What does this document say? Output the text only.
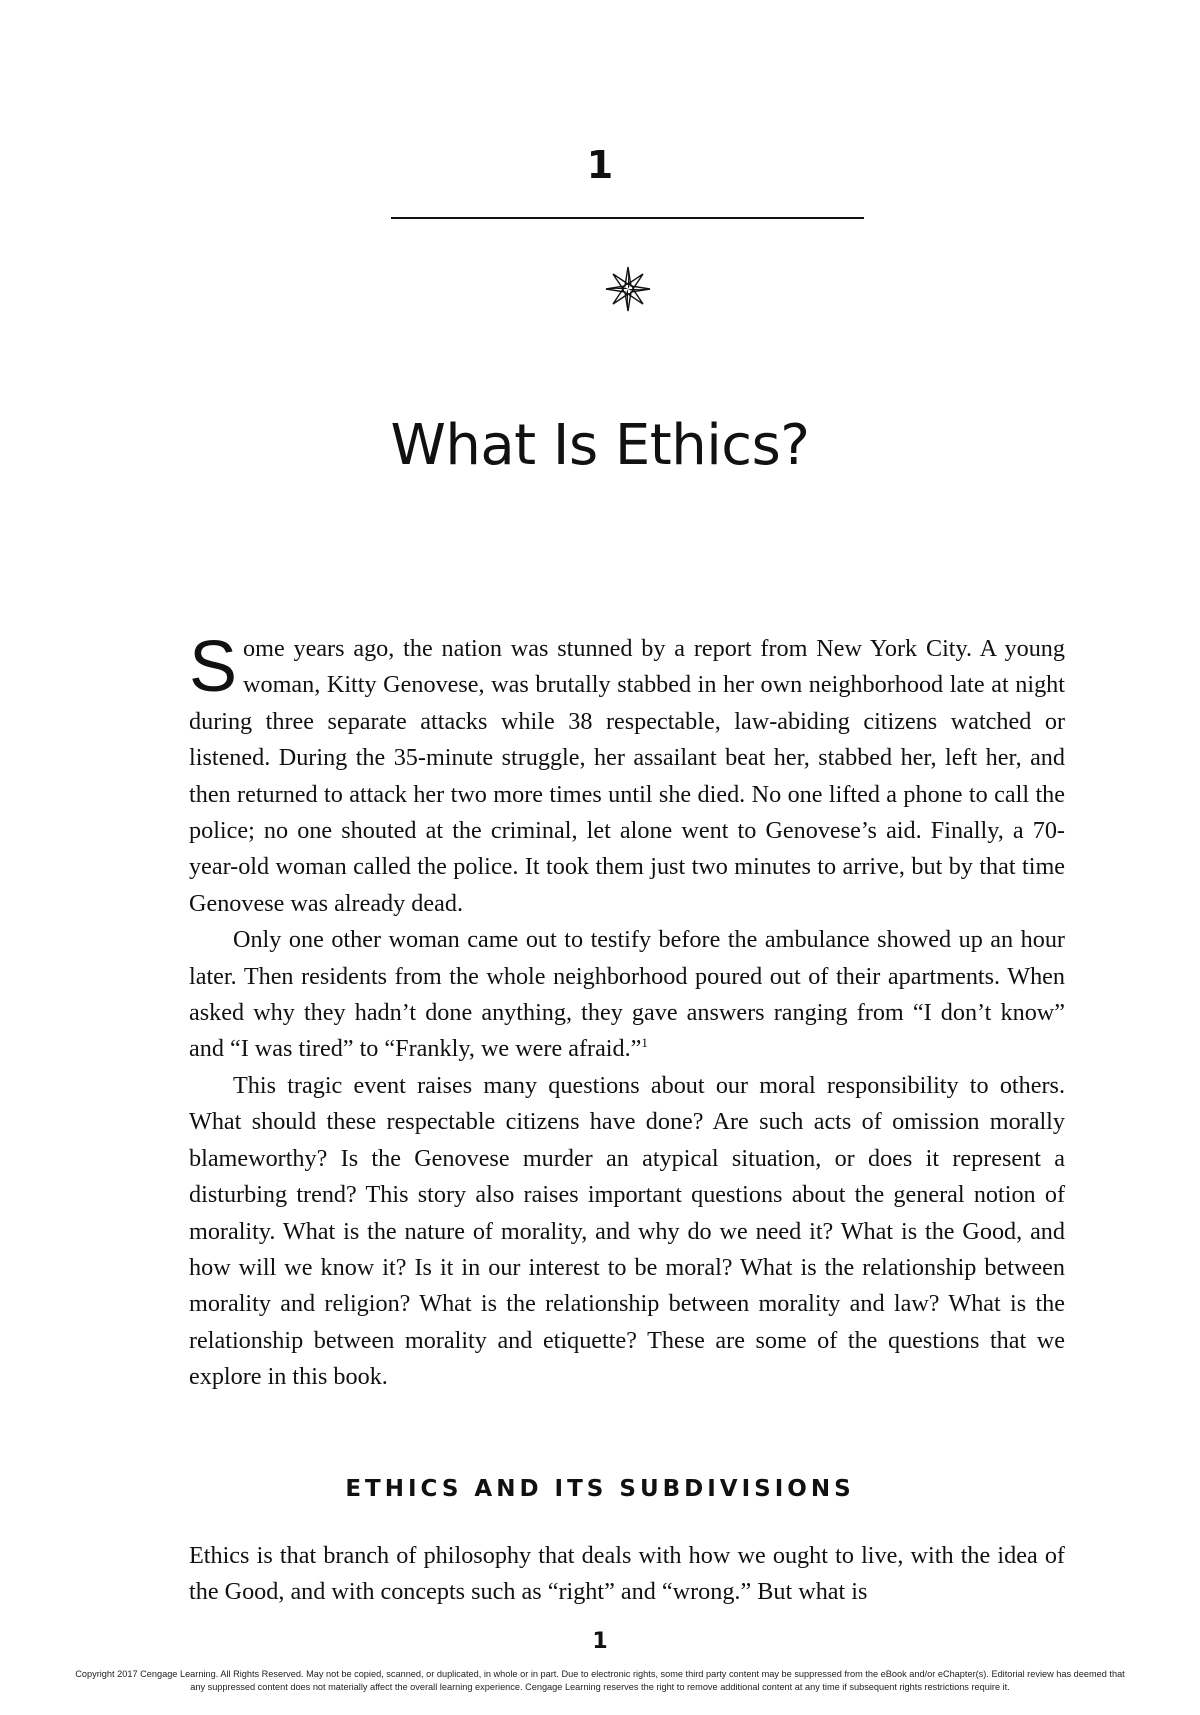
1
What Is Ethics?

Some years ago, the nation was stunned by a report from New York City. A young woman, Kitty Genovese, was brutally stabbed in her own neighborhood late at night during three separate attacks while 38 respectable, law-abiding citizens watched or listened. During the 35-minute struggle, her assailant beat her, stabbed her, left her, and then returned to attack her two more times until she died. No one lifted a phone to call the police; no one shouted at the criminal, let alone went to Genovese’s aid. Finally, a 70-year-old woman called the police. It took them just two minutes to arrive, but by that time Genovese was already dead.

Only one other woman came out to testify before the ambulance showed up an hour later. Then residents from the whole neighborhood poured out of their apartments. When asked why they hadn’t done anything, they gave answers ranging from “I don’t know” and “I was tired” to “Frankly, we were afraid.”$^1$

This tragic event raises many questions about our moral responsibility to others. What should these respectable citizens have done? Are such acts of omission morally blameworthy? Is the Genovese murder an atypical situation, or does it represent a disturbing trend? This story also raises important questions about the general notion of morality. What is the nature of morality, and why do we need it? What is the Good, and how will we know it? Is it in our interest to be moral? What is the relationship between morality and religion? What is the relationship between morality and law? What is the relationship between morality and etiquette? These are some of the questions that we explore in this book.

ETHICS AND ITS SUBDIVISIONS

Ethics is that branch of philosophy that deals with how we ought to live, with the idea of the Good, and with concepts such as “right” and “wrong.” But what is

1
Copyright 2017 Cengage Learning. All Rights Reserved. May not be copied, scanned, or duplicated, in whole or in part. Due to electronic rights, some third party content may be suppressed from the eBook and/or eChapter(s). Editorial review has deemed that any suppressed content does not materially affect the overall learning experience. Cengage Learning reserves the right to remove additional content at any time if subsequent rights restrictions require it.
